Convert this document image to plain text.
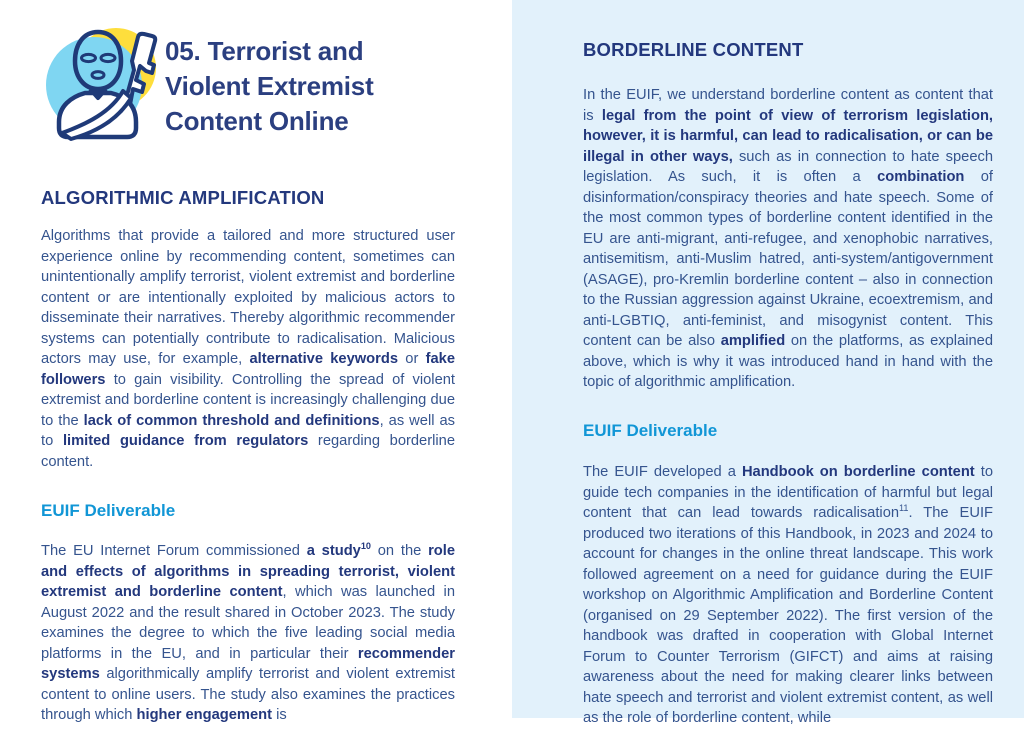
05. Terrorist and Violent Extremist Content Online
ALGORITHMIC AMPLIFICATION

Algorithms that provide a tailored and more structured user experience online by recommending content, sometimes can unintentionally amplify terrorist, violent extremist and borderline content or are intentionally exploited by malicious actors to disseminate their narratives. Thereby algorithmic recommender systems can potentially contribute to radicalisation. Malicious actors may use, for example, alternative keywords or fake followers to gain visibility. Controlling the spread of violent extremist and borderline content is increasingly challenging due to the lack of common threshold and definitions, as well as to limited guidance from regulators regarding borderline content.

EUIF Deliverable

The EU Internet Forum commissioned a study$^{10}$ on the role and effects of algorithms in spreading terrorist, violent extremist and borderline content, which was launched in August 2022 and the result shared in October 2023. The study examines the degree to which the five leading social media platforms in the EU, and in particular their recommender systems algorithmically amplify terrorist and violent extremist content to online users. The study also examines the practices through which higher engagement is

BORDERLINE CONTENT

In the EUIF, we understand borderline content as content that is legal from the point of view of terrorism legislation, however, it is harmful, can lead to radicalisation, or can be illegal in other ways, such as in connection to hate speech legislation. As such, it is often a combination of disinformation/conspiracy theories and hate speech. Some of the most common types of borderline content identified in the EU are anti-migrant, anti-refugee, and xenophobic narratives, antisemitism, anti-Muslim hatred, anti-system/antigovernment (ASAGE), pro-Kremlin borderline content – also in connection to the Russian aggression against Ukraine, ecoextremism, and anti-LGBTIQ, anti-feminist, and misogynist content. This content can be also amplified on the platforms, as explained above, which is why it was introduced hand in hand with the topic of algorithmic amplification.

EUIF Deliverable

The EUIF developed a Handbook on borderline content to guide tech companies in the identification of harmful but legal content that can lead towards radicalisation$^{11}$. The EUIF produced two iterations of this Handbook, in 2023 and 2024 to account for changes in the online threat landscape. This work followed agreement on a need for guidance during the EUIF workshop on Algorithmic Amplification and Borderline Content (organised on 29 September 2022). The first version of the handbook was drafted in cooperation with Global Internet Forum to Counter Terrorism (GIFCT) and aims at raising awareness about the need for making clearer links between hate speech and terrorist and violent extremist content, as well as the role of borderline content, while
